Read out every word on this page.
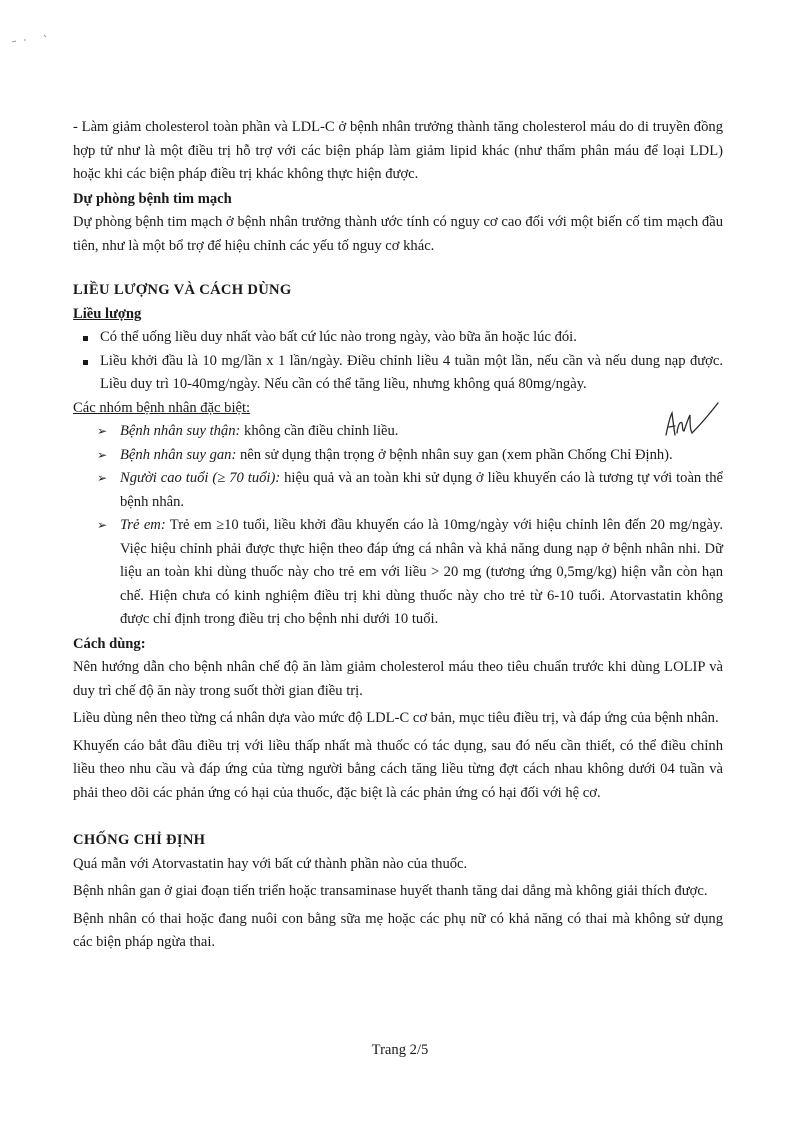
- Làm giảm cholesterol toàn phần và LDL-C ở bệnh nhân trưởng thành tăng cholesterol máu do di truyền đồng hợp tử như là một điều trị hỗ trợ với các biện pháp làm giảm lipid khác (như thẩm phân máu để loại LDL) hoặc khi các biện pháp điều trị khác không thực hiện được.

Dự phòng bệnh tim mạch

Dự phòng bệnh tim mạch ở bệnh nhân trưởng thành ước tính có nguy cơ cao đối với một biến cố tim mạch đầu tiên, như là một bổ trợ để hiệu chỉnh các yếu tố nguy cơ khác.

LIỀU LƯỢNG VÀ CÁCH DÙNG
Liều lượng
Có thể uống liều duy nhất vào bất cứ lúc nào trong ngày, vào bữa ăn hoặc lúc đói.
Liều khởi đầu là 10 mg/lần x 1 lần/ngày. Điều chỉnh liều 4 tuần một lần, nếu cần và nếu dung nạp được. Liều duy trì 10-40mg/ngày. Nếu cần có thể tăng liều, nhưng không quá 80mg/ngày.

Các nhóm bệnh nhân đặc biệt:

➢ Bệnh nhân suy thận: không cần điều chỉnh liều.
➢ Bệnh nhân suy gan: nên sử dụng thận trọng ở bệnh nhân suy gan (xem phần Chống Chỉ Định).
➢ Người cao tuổi (≥ 70 tuổi): hiệu quả và an toàn khi sử dụng ở liều khuyến cáo là tương tự với toàn thể bệnh nhân.
➢ Trẻ em: Trẻ em ≥10 tuổi, liều khởi đầu khuyến cáo là 10mg/ngày với hiệu chỉnh lên đến 20 mg/ngày. Việc hiệu chỉnh phải được thực hiện theo đáp ứng cá nhân và khả năng dung nạp ở bệnh nhân nhi. Dữ liệu an toàn khi dùng thuốc này cho trẻ em với liều > 20 mg (tương ứng 0,5mg/kg) hiện vẫn còn hạn chế. Hiện chưa có kinh nghiệm điều trị khi dùng thuốc này cho trẻ từ 6-10 tuổi. Atorvastatin không được chỉ định trong điều trị cho bệnh nhi dưới 10 tuổi.
Cách dùng:

Nên hướng dẫn cho bệnh nhân chế độ ăn làm giảm cholesterol máu theo tiêu chuẩn trước khi dùng LOLIP và duy trì chế độ ăn này trong suốt thời gian điều trị.

Liều dùng nên theo từng cá nhân dựa vào mức độ LDL-C cơ bản, mục tiêu điều trị, và đáp ứng của bệnh nhân.

Khuyến cáo bắt đầu điều trị với liều thấp nhất mà thuốc có tác dụng, sau đó nếu cần thiết, có thể điều chỉnh liều theo nhu cầu và đáp ứng của từng người bằng cách tăng liều từng đợt cách nhau không dưới 04 tuần và phải theo dõi các phản ứng có hại của thuốc, đặc biệt là các phản ứng có hại đối với hệ cơ.

CHỐNG CHỈ ĐỊNH

Quá mẫn với Atorvastatin hay với bất cứ thành phần nào của thuốc.

Bệnh nhân gan ở giai đoạn tiến triển hoặc transaminase huyết thanh tăng dai dẳng mà không giải thích được.

Bệnh nhân có thai hoặc đang nuôi con bằng sữa mẹ hoặc các phụ nữ có khả năng có thai mà không sử dụng các biện pháp ngừa thai.

Trang 2/5
